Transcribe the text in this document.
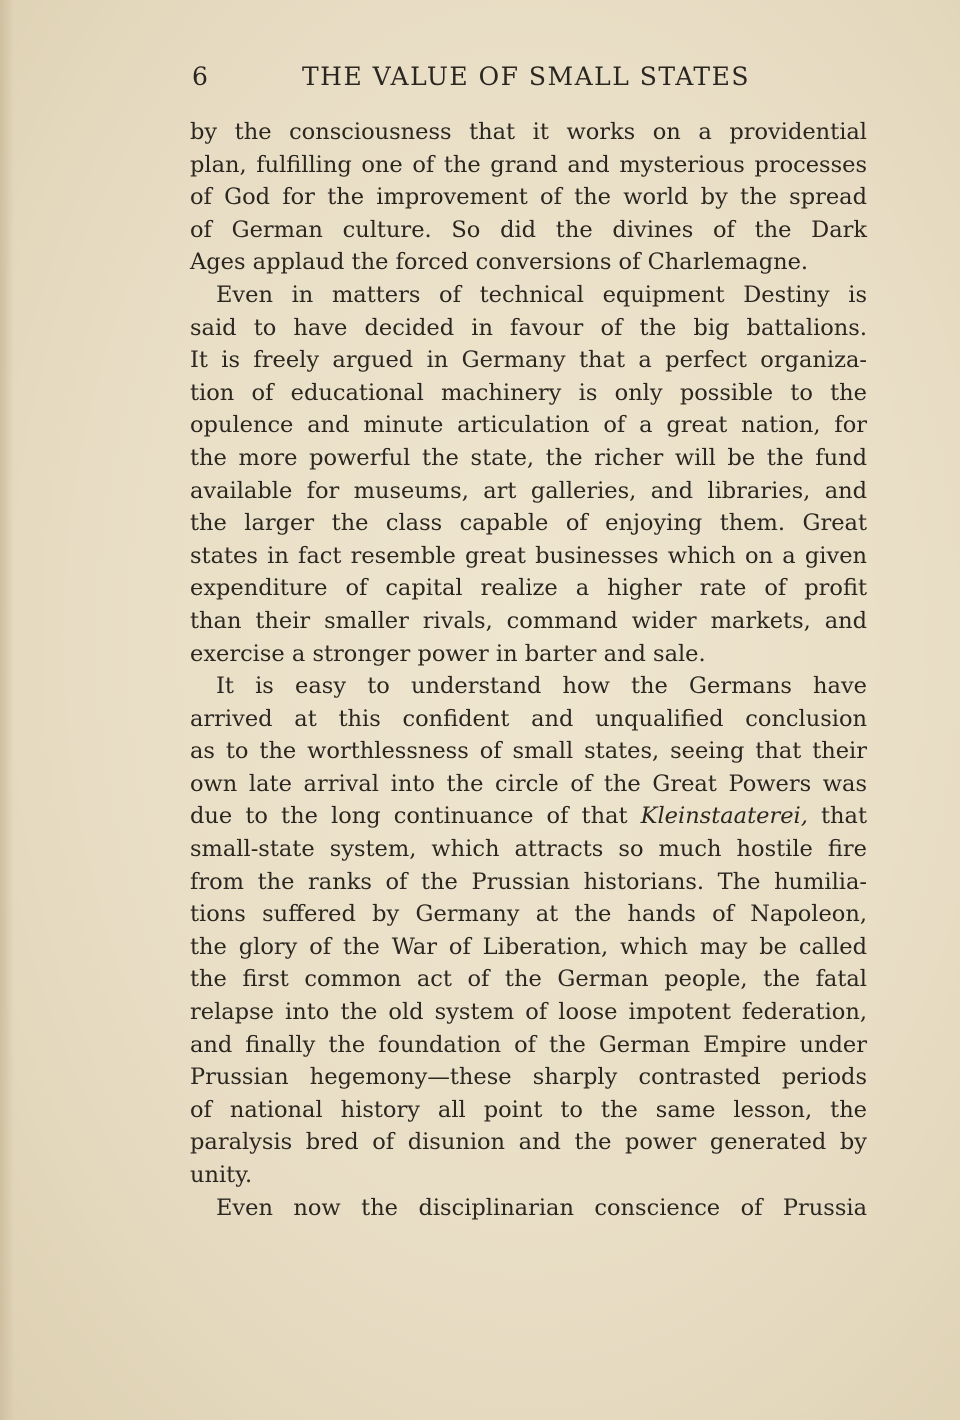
6	THE VALUE OF SMALL STATES
by the consciousness that it works on a providential
plan, fulfilling one of the grand and mysterious processes
of God for the improvement of the world by the spread
of German culture. So did the divines of the Dark
Ages applaud the forced conversions of Charlemagne.
Even in matters of technical equipment Destiny is
said to have decided in favour of the big battalions.
It is freely argued in Germany that a perfect organiza-
tion of educational machinery is only possible to the
opulence and minute articulation of a great nation, for
the more powerful the state, the richer will be the fund
available for museums, art galleries, and libraries, and
the larger the class capable of enjoying them. Great
states in fact resemble great businesses which on a given
expenditure of capital realize a higher rate of profit
than their smaller rivals, command wider markets, and
exercise a stronger power in barter and sale.
It is easy to understand how the Germans have
arrived at this confident and unqualified conclusion
as to the worthlessness of small states, seeing that their
own late arrival into the circle of the Great Powers was
due to the long continuance of that Kleinstaaterei, that
small-state system, which attracts so much hostile fire
from the ranks of the Prussian historians. The humilia-
tions suffered by Germany at the hands of Napoleon,
the glory of the War of Liberation, which may be called
the first common act of the German people, the fatal
relapse into the old system of loose impotent federation,
and finally the foundation of the German Empire under
Prussian hegemony—these sharply contrasted periods
of national history all point to the same lesson, the
paralysis bred of disunion and the power generated by
unity.
Even now the disciplinarian conscience of Prussia
